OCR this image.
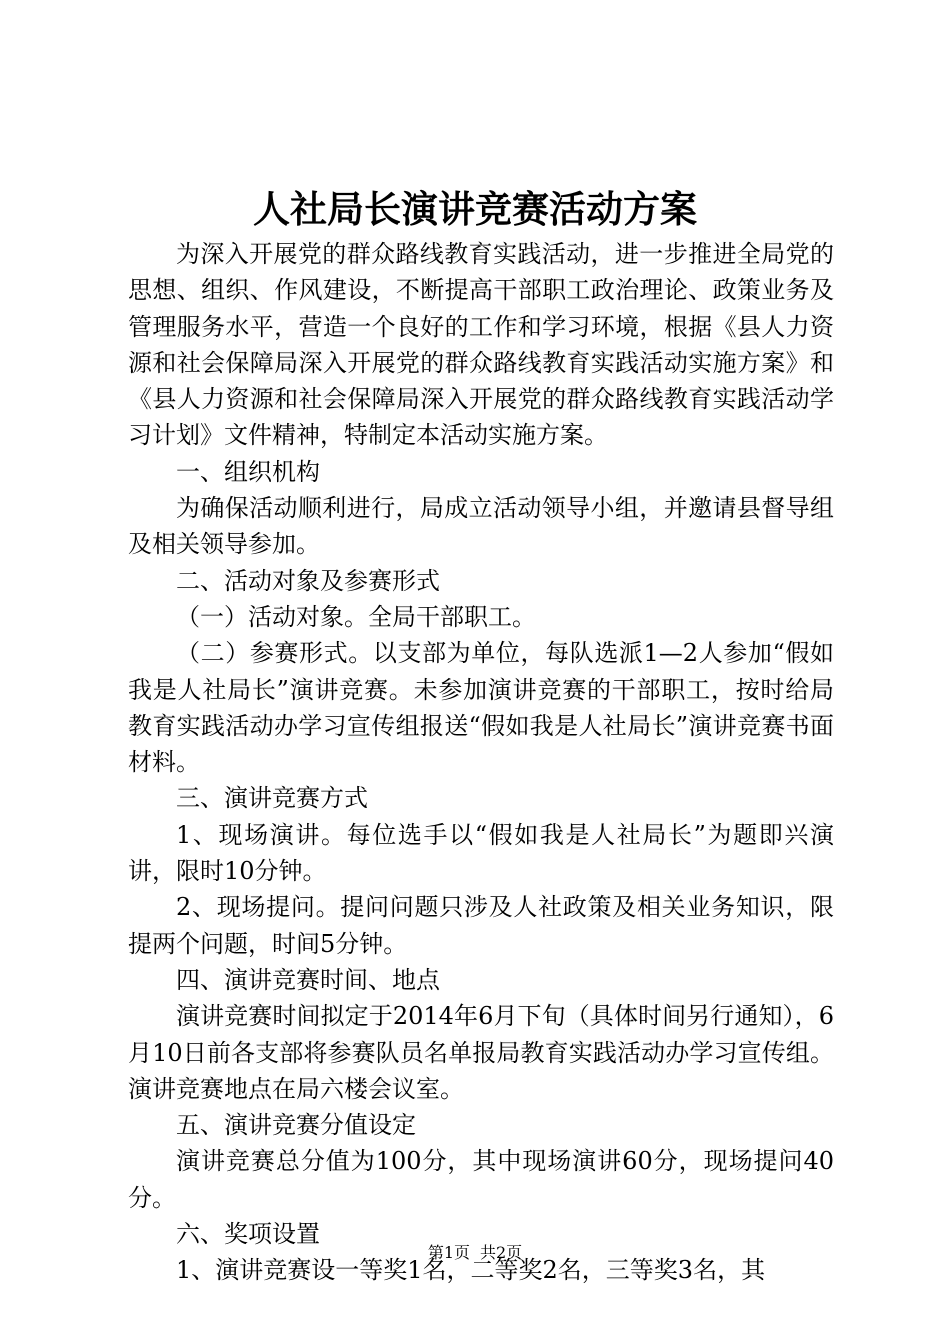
人社局长演讲竞赛活动方案

为深入开展党的群众路线教育实践活动，进一步推进全局党的思想、组织、作风建设，不断提高干部职工政治理论、政策业务及管理服务水平，营造一个良好的工作和学习环境，根据《县人力资源和社会保障局深入开展党的群众路线教育实践活动实施方案》和《县人力资源和社会保障局深入开展党的群众路线教育实践活动学习计划》文件精神，特制定本活动实施方案。

一、组织机构

为确保活动顺利进行，局成立活动领导小组，并邀请县督导组及相关领导参加。

二、活动对象及参赛形式

（一）活动对象。全局干部职工。

（二）参赛形式。以支部为单位，每队选派1—2人参加“假如我是人社局长”演讲竞赛。未参加演讲竞赛的干部职工，按时给局教育实践活动办学习宣传组报送“假如我是人社局长”演讲竞赛书面材料。

三、演讲竞赛方式

1、现场演讲。每位选手以“假如我是人社局长”为题即兴演讲，限时10分钟。

2、现场提问。提问问题只涉及人社政策及相关业务知识，限提两个问题，时间5分钟。

四、演讲竞赛时间、地点

演讲竞赛时间拟定于2014年6月下旬（具体时间另行通知），6月10日前各支部将参赛队员名单报局教育实践活动办学习宣传组。演讲竞赛地点在局六楼会议室。

五、演讲竞赛分值设定

演讲竞赛总分值为100分，其中现场演讲60分，现场提问40分。

六、奖项设置

1、演讲竞赛设一等奖1名，二等奖2名，三等奖3名，其

第1页 共2页
